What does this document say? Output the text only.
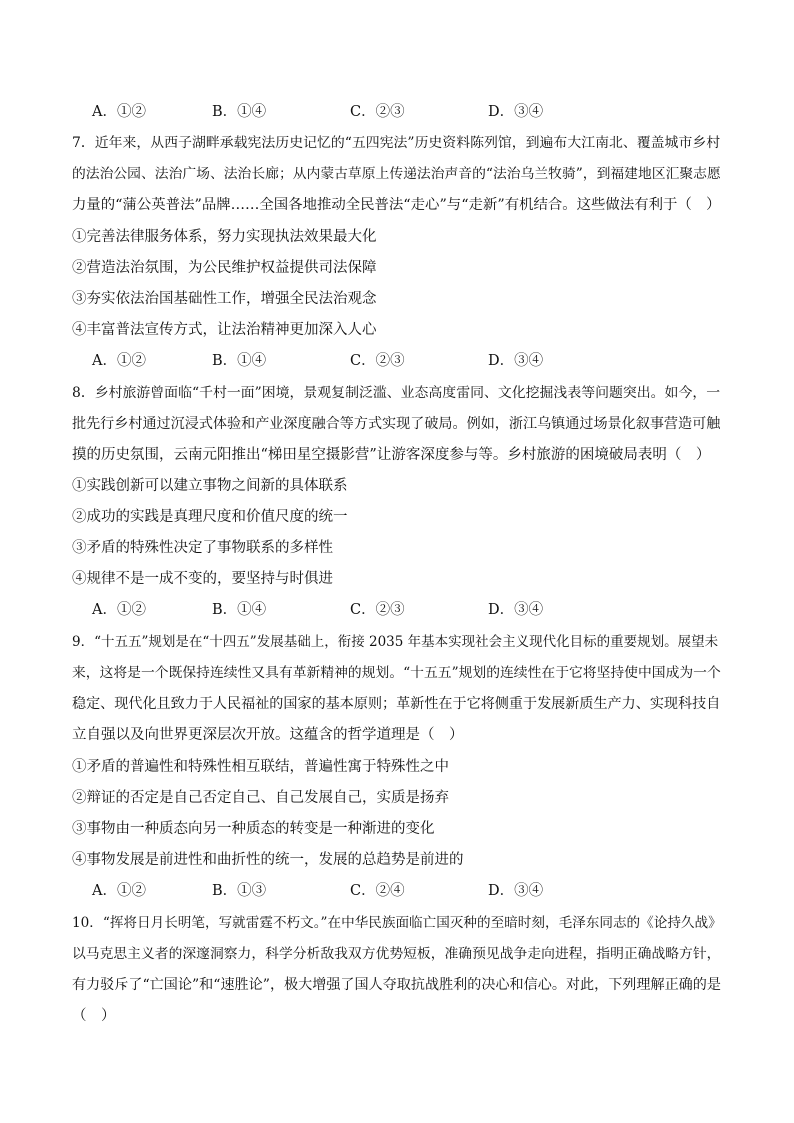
A．①②	B．①④	C．②③	D．③④
7．近年来，从西子湖畔承载宪法历史记忆的“五四宪法”历史资料陈列馆，到遍布大江南北、覆盖城市乡村
的法治公园、法治广场、法治长廊；从内蒙古草原上传递法治声音的“法治乌兰牧骑”，到福建地区汇聚志愿
力量的“蒲公英普法”品牌……全国各地推动全民普法“走心”与“走新”有机结合。这些做法有利于（　）
①完善法律服务体系，努力实现执法效果最大化
②营造法治氛围，为公民维护权益提供司法保障
③夯实依法治国基础性工作，增强全民法治观念
④丰富普法宣传方式，让法治精神更加深入人心
A．①②	B．①④	C．②③	D．③④
8．乡村旅游曾面临“千村一面”困境，景观复制泛滥、业态高度雷同、文化挖掘浅表等问题突出。如今，一
批先行乡村通过沉浸式体验和产业深度融合等方式实现了破局。例如，浙江乌镇通过场景化叙事营造可触
摸的历史氛围，云南元阳推出“梯田星空摄影营”让游客深度参与等。乡村旅游的困境破局表明（　）
①实践创新可以建立事物之间新的具体联系
②成功的实践是真理尺度和价值尺度的统一
③矛盾的特殊性决定了事物联系的多样性
④规律不是一成不变的，要坚持与时俱进
A．①②	B．①④	C．②③	D．③④
9．“十五五”规划是在“十四五”发展基础上，衔接 2035 年基本实现社会主义现代化目标的重要规划。展望未
来，这将是一个既保持连续性又具有革新精神的规划。“十五五”规划的连续性在于它将坚持使中国成为一个
稳定、现代化且致力于人民福祉的国家的基本原则；革新性在于它将侧重于发展新质生产力、实现科技自
立自强以及向世界更深层次开放。这蕴含的哲学道理是（　）
①矛盾的普遍性和特殊性相互联结，普遍性寓于特殊性之中
②辩证的否定是自己否定自己、自己发展自己，实质是扬弃
③事物由一种质态向另一种质态的转变是一种渐进的变化
④事物发展是前进性和曲折性的统一，发展的总趋势是前进的
A．①②	B．①③	C．②④	D．③④
10．“挥将日月长明笔，写就雷霆不朽文。”在中华民族面临亡国灭种的至暗时刻，毛泽东同志的《论持久战》
以马克思主义者的深邃洞察力，科学分析敌我双方优势短板，准确预见战争走向进程，指明正确战略方针，
有力驳斥了“亡国论”和“速胜论”，极大增强了国人夺取抗战胜利的决心和信心。对此，下列理解正确的是
（　）
